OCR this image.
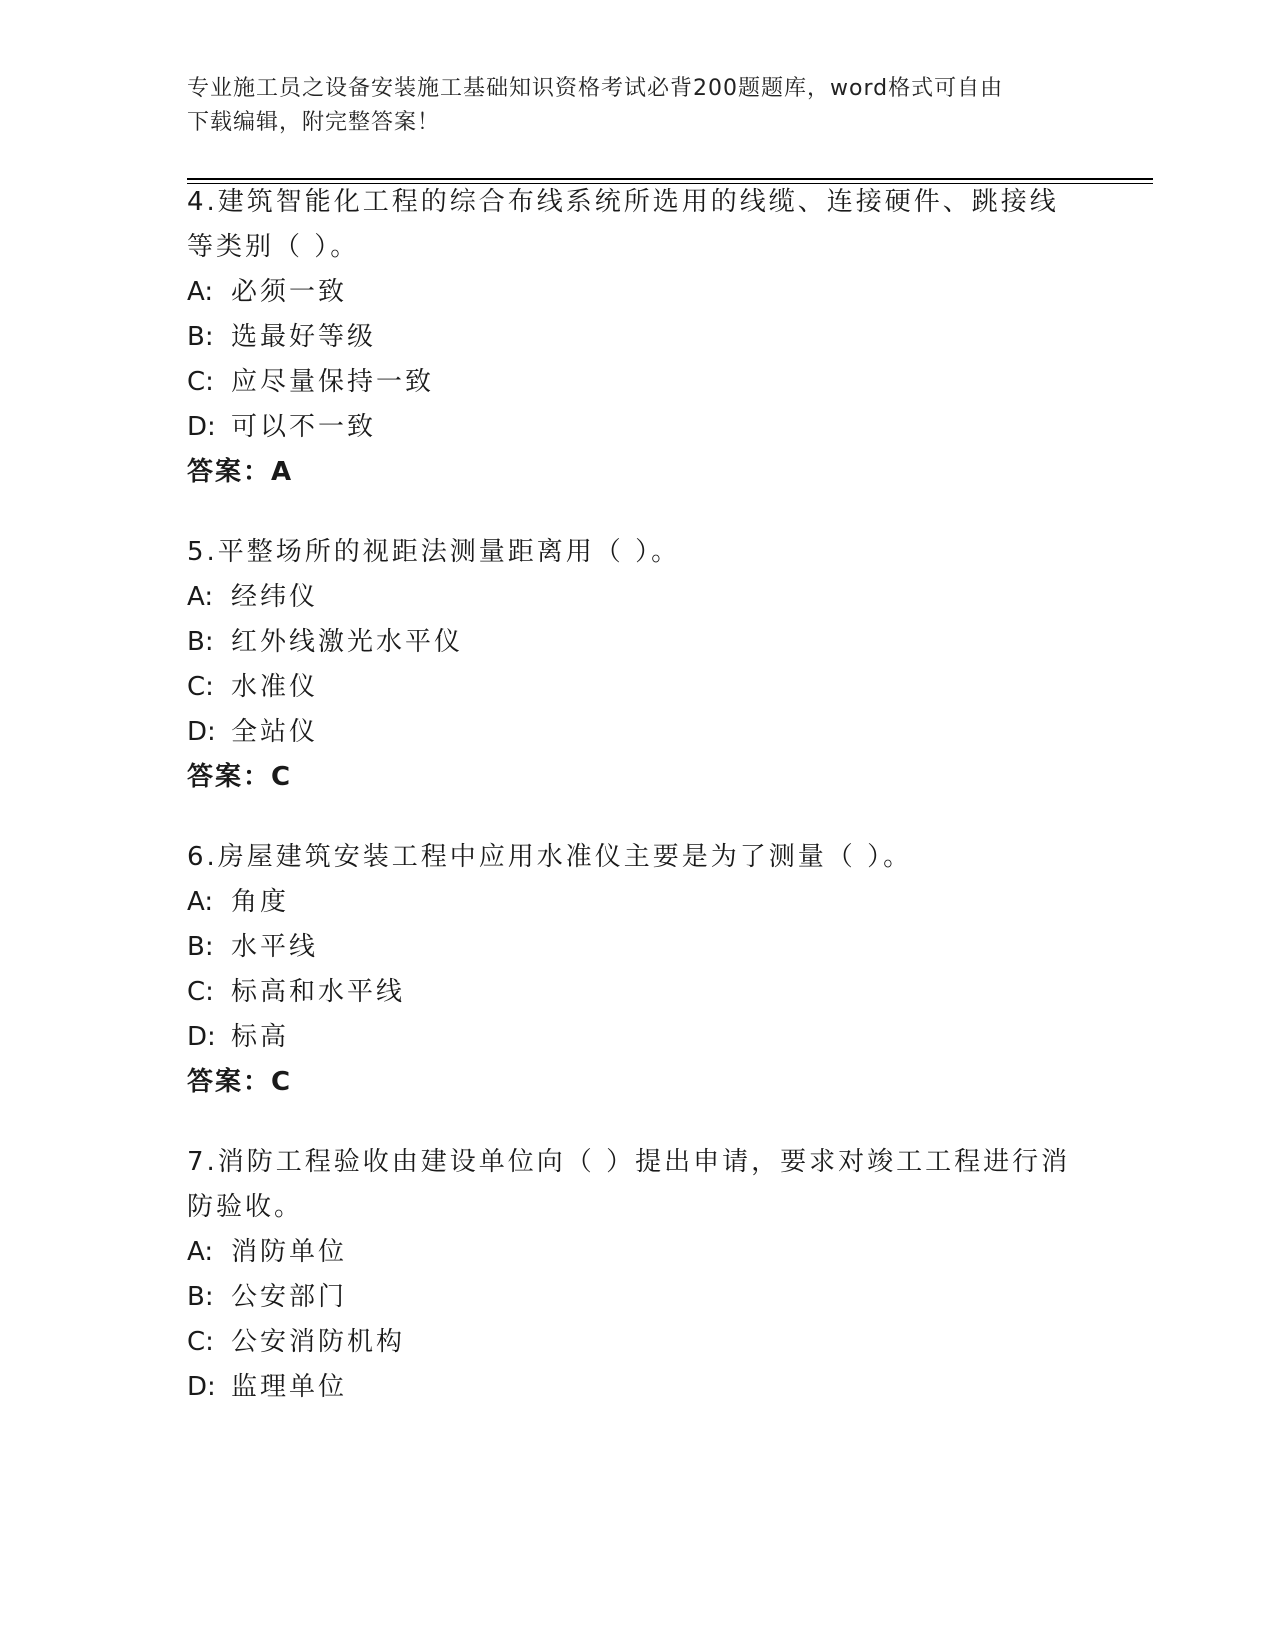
专业施工员之设备安装施工基础知识资格考试必背200题题库，word格式可自由
下载编辑，附完整答案！
4.建筑智能化工程的综合布线系统所选用的线缆、连接硬件、跳接线
等类别（ ）。
A: 必须一致
B: 选最好等级
C: 应尽量保持一致
D: 可以不一致
答案：A
5.平整场所的视距法测量距离用（ ）。
A: 经纬仪
B: 红外线激光水平仪
C: 水准仪
D: 全站仪
答案：C
6.房屋建筑安装工程中应用水准仪主要是为了测量（ ）。
A: 角度
B: 水平线
C: 标高和水平线
D: 标高
答案：C
7.消防工程验收由建设单位向（ ）提出申请，要求对竣工工程进行消
防验收。
A: 消防单位
B: 公安部门
C: 公安消防机构
D: 监理单位
